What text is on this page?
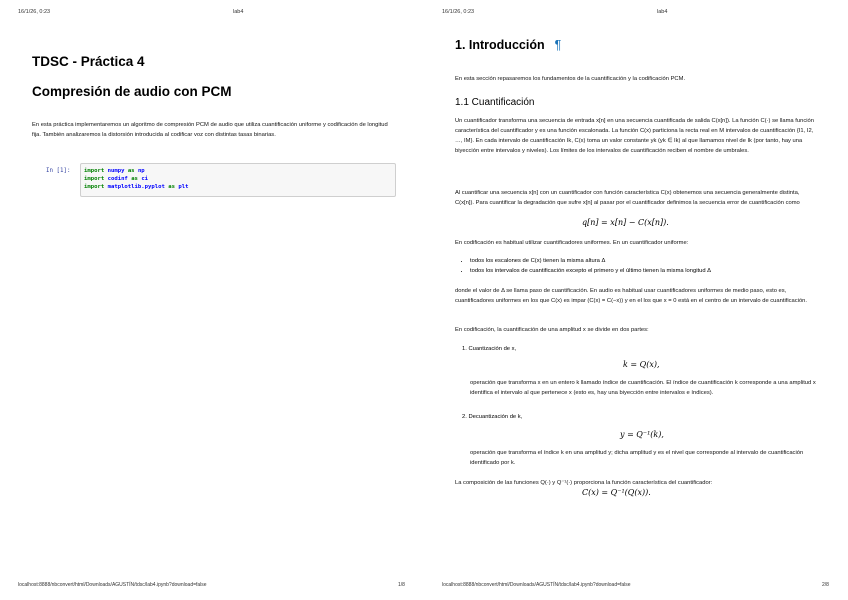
16/1/26, 0:23	lab4
TDSC - Práctica 4
Compresión de audio con PCM
En esta práctica implementaremos un algoritmo de compresión PCM de audio que utiliza cuantificación uniforme y codificación de longitud fija. También analizaremos la distorsión introducida al codificar voz con distintas tasas binarias.
In [1]:	import numpy as np
import codinf as ci
import matplotlib.pyplot as plt
localhost:8888/nbconvert/html/Downloads/AGUSTÍN/tdsc/lab4.ipynb?download=false	1/8
16/1/26, 0:23	lab4
localhost:8888/nbconvert/html/Downloads/AGUSTÍN/tdsc/lab4.ipynb?download=false	2/8
1. Introducción ¶
En esta sección repasaremos los fundamentos de la cuantificación y la codificación PCM.
1.1 Cuantificación
Un cuantificador transforma una secuencia de entrada x[n] en una secuencia cuantificada de salida C(x[n]). La función C(·) se llama función característica del cuantificador y es una función escalonada. La función C(x) particiona la recta real en M intervalos de cuantificación {I1, I2, …, IM}. En cada intervalo de cuantificación Ik, C(x) toma un valor constante yk (yk ∈ Ik) al que llamamos nivel de Ik (por tanto, hay una biyección entre intervalos y niveles). Los límites de los intervalos de cuantificación reciben el nombre de umbrales.
Al cuantificar una secuencia x[n] con un cuantificador con función característica C(x) obtenemos una secuencia generalmente distinta, C(x[n]). Para cuantificar la degradación que sufre x[n] al pasar por el cuantificador definimos la secuencia error de cuantificación como
q[n] = x[n] − C(x[n]).
En codificación es habitual utilizar cuantificadores uniformes. En un cuantificador uniforme:
• todos los escalones de C(x) tienen la misma altura Δ
• todos los intervalos de cuantificación excepto el primero y el último tienen la misma longitud Δ
donde el valor de Δ se llama paso de cuantificación. En audio es habitual usar cuantificadores uniformes de medio paso, esto es, cuantificadores uniformes en los que C(x) es impar (C(x) = C(−x)) y en el los que x = 0 está en el centro de un intervalo de cuantificación.
En codificación, la cuantificación de una amplitud x se divide en dos partes:
1. Cuantización de x,
k = Q(x),
operación que transforma x en un entero k llamado índice de cuantificación. El índice de cuantificación k corresponde a una amplitud x identifica el intervalo al que pertenece x (esto es, hay una biyección entre intervalos e índices).
2. Decuantización de k,
y = Q⁻¹(k),
operación que transforma el índice k en una amplitud y; dicha amplitud y es el nivel que corresponde al intervalo de cuantificación identificado por k.
La composición de las funciones Q(·) y Q⁻¹(·) proporciona la función característica del cuantificador:
C(x) = Q⁻¹(Q(x)).
